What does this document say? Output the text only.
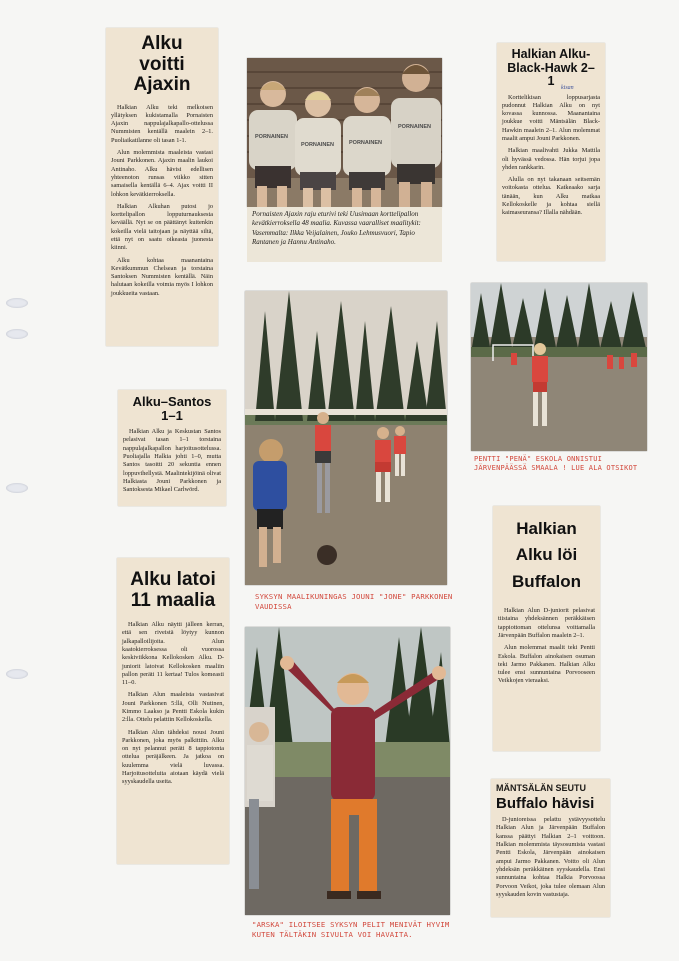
Alku voitti Ajaxin

Halkian Alku teki melkoisen yllätyksen kukistamalla Pornaisten Ajaxin nappulajalkapallo-ottelussa Nummisten kentällä maalein 2–1. Puoliaikatilanne oli tasan 1-1.

Alun molemmista maaleista vastasi Jouni Parkkonen. Ajaxin maalin laukoi Antinaho. Alku hävisi edellisen yhteenoton runsas viikko sitten samaisella kentällä 6–4. Ajax voitti II lohkon kevätkierroksella.

Halkian Alkuhan putosi jo korttelipallon lopputurnauksesta keväällä. Nyt se on päättänyt kuitenkin kokeilla vielä taitojaan ja näyttää siltä, että nyt on saatu oikeasta juonesta kiinni.

Alku kohtaa maanantaina Kevätkummun Chelsean ja torstaina Santoksen Nummisten kentällä. Näin halutaan kokeilla voimia myös I lohkon joukkueita vastaan.

PORNAINEN
PORNAINEN	PORNAINEN
PORNAINEN
Pornaisten Ajaxin raju eturivi teki Uusimaan korttelipallon kevätkierroksella 48 maalia. Kuvassa vaaralliset maalitykit: Vasemmalta: Ilkka Veijalainen, Jouko Lehmusvuori, Tapio Rantanen ja Hannu Antinaho.
Halkian Alku- Black-Hawk 2–1	kisan

Korttelikisan loppusarjasta pudonnut Halkian Alku on nyt kovassa kunnossa. Maanantaina joukkue voitti Mäntsälän Black-Hawkin maalein 2–1. Alun molemmat maalit ampui Jouni Parkkonen.

Halkian maalivahti Jukka Mattila oli hyvässä vedossa. Hän torjui jopa yhden rankkarin.

Alulla on nyt takanaan seitsemän voitokasta ottelua. Katkeaako sarja tänään, kun Alku matkaa Kellokoskelle ja kohtaa siellä kaimaseuransa? Illalla nähdään.

Alku–Santos 1–1

Halkian Alku ja Keskustan Santos pelasivat tasan 1–1 torstaina nappulajalkapallon harjoitusottelussa. Puoliajalla Halkia johti 1–0, mutta Santos tasoitti 20 sekuntia ennen loppuvihellystä. Maalintekijöinä olivat Halkiasta Jouni Parkkonen ja Santoksesta Mikael Carlwörd.

PENTTI "PENÄ" ESKOLA ONNISTUI JÄRVENPÄÄSSÄ SMAALA ! LUE ALA OTSIKOT
SYKSYN MAALIKUNINGAS JOUNI "JONE" PARKKONEN VAUDISSA
Alku latoi 11 maalia

Halkian Alku näytti jälleen kerran, että sen riveistä löytyy kunnon jalkapalloilijoita. Alun kaatokierroksessa oli vuorossa keskiviikkona Kellokosken Alku. D-juniorit latoivat Kellokosken maaliin pallon peräti 11 kertaa! Tulos komeasti 11–0.

Halkian Alun maaleista vastasivat Jouni Parkkonen 5:llä, Olli Nutinen, Kimmo Laakso ja Pentti Eskola kukin 2:lla. Ottelu pelattiin Kellokoskella.

Halkian Alun tähdeksi nousi Jouni Parkkonen, joka myös palkittiin. Alku on nyt pelannut peräti 8 tappiotonta ottelua peräjälkeen. Ja jatkoa on kuulemma vielä luvassa. Harjoitusotteluita aiotaan käydä vielä syyskaudella useita.

"ARSKA" ILOITSEE SYKSYN PELIT MENIVÄT HYVIM KUTEN TÄLTÄKIN SIVULTA VOI HAVAITA.
Halkian Alku löi Buffalon

Halkian Alun D-juniorit pelasivat tiistaina yhdeksännen peräkkäisen tappiottoman ottelunsa voittamalla Järvenpään Buffalon maalein 2–1.

Alun molemmat maalit teki Pentti Eskola. Buffalon ainokaisen osuman teki Jarmo Pakkanen. Halkian Alku tulee ensi sunnuntaina Porvooseen Veikkojen vieraaksi.

MÄNTSÄLÄN SEUTU
Buffalo hävisi

D-junioreissa pelattu ystävyysottelu Halkian Alun ja Järvenpään Buffalon kanssa päättyi Halkian 2–1 voittoon. Halkian molemmista täysosumista vastasi Pentti Eskola, Järvenpään ainokaisen ampui Jarmo Pakkanen. Voitto oli Alun yhdeksän peräkkäinen syyskaudella. Ensi sunnuntaina kohtaa Halkia Porvoossa Porvoon Veikot, joka tulee olemaan Alun syyskauden kovin vastustaja.
